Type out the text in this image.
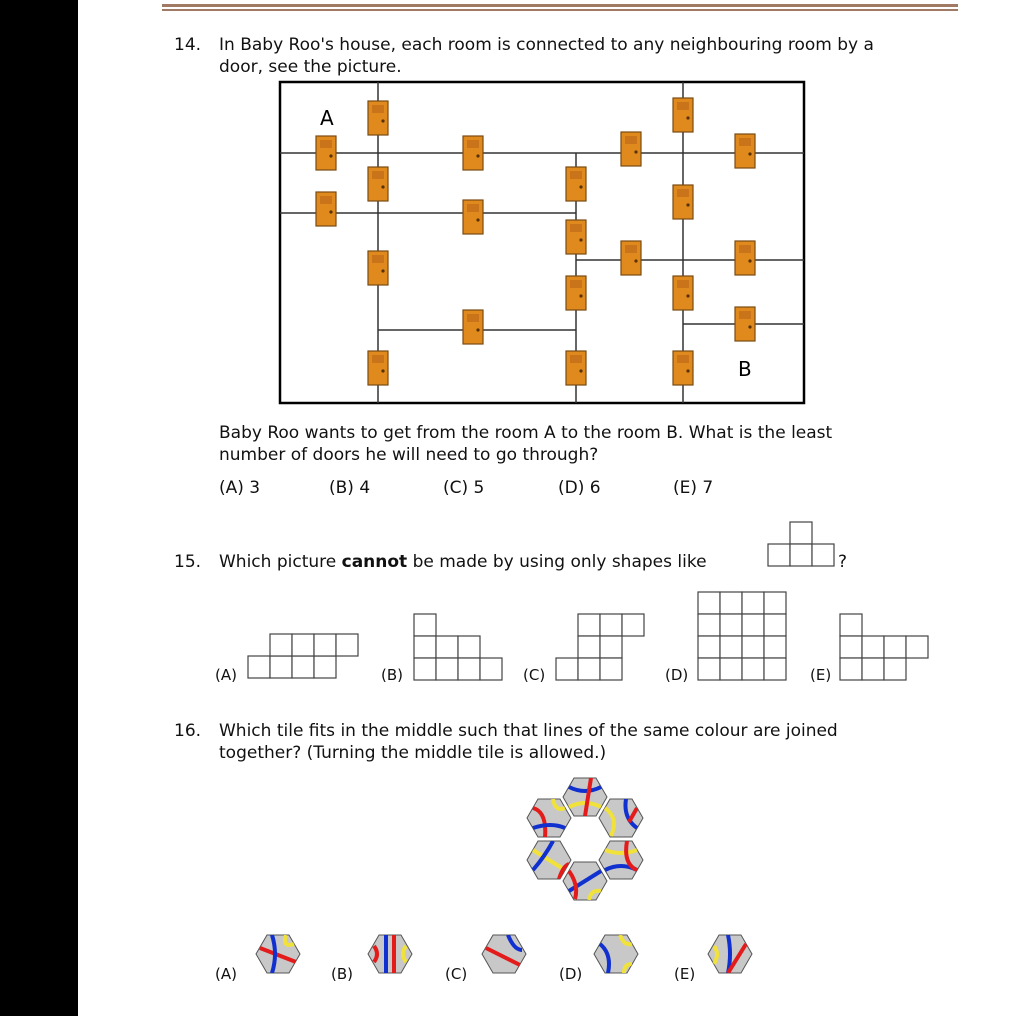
14. In Baby Roo's house, each room is connected to any neighbouring room by a
door, see the picture.
A
B
Baby Roo wants to get from the room A to the room B. What is the least
number of doors he will need to go through?
(A) 3	(B) 4	(C) 5	(D) 6	(E) 7
15. Which picture cannot be made by using only shapes like	?
(A)	(B)	(C)	(D)	(E)
16. Which tile fits in the middle such that lines of the same colour are joined
together? (Turning the middle tile is allowed.)
(A)	(B)	(C)	(D)	(E)
